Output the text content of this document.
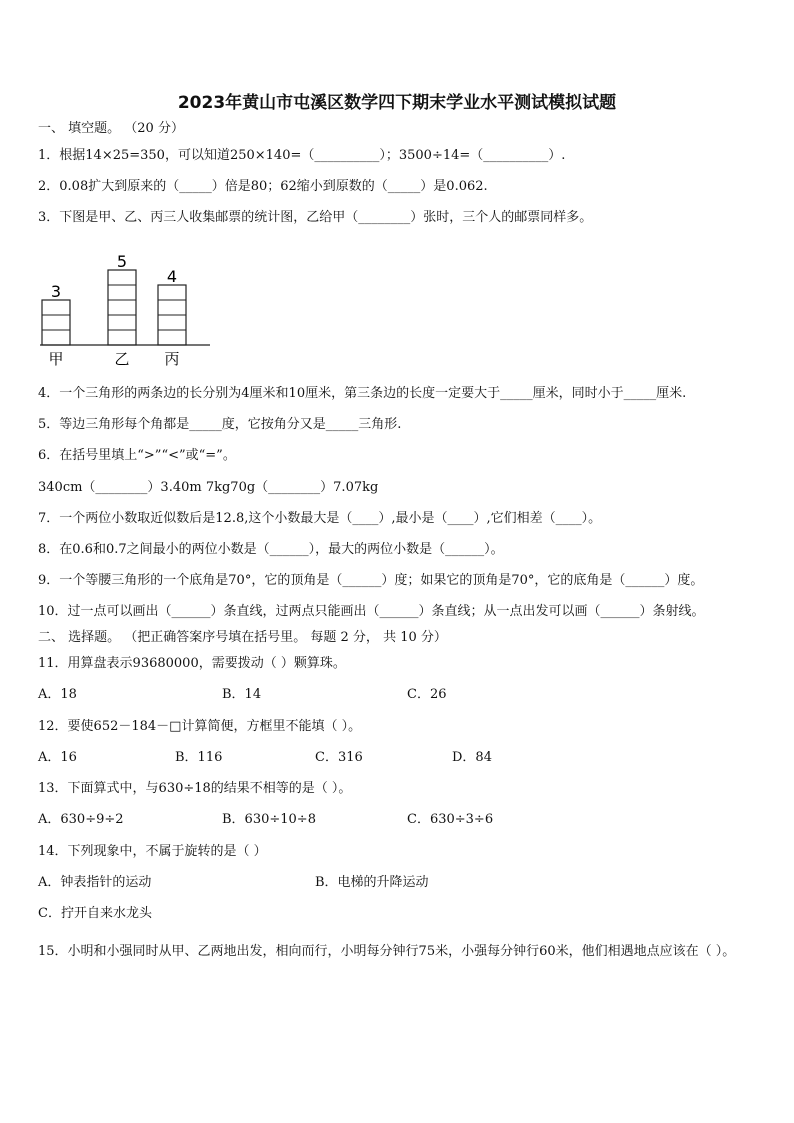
2023年黄山市屯溪区数学四下期末学业水平测试模拟试题
一、 填空题。 （20 分）
1．根据14×25=350，可以知道250×140=（__________）；3500÷14=（__________）.
2．0.08扩大到原来的（_____）倍是80；62缩小到原数的（_____）是0.062.
3．下图是甲、乙、丙三人收集邮票的统计图，乙给甲（________）张时，三个人的邮票同样多。
3
甲
5
乙
4
丙
4．一个三角形的两条边的长分别为4厘米和10厘米，第三条边的长度一定要大于_____厘米，同时小于_____厘米.
5．等边三角形每个角都是_____度，它按角分又是_____三角形.
6．在括号里填上“>”“<”或“=”。
340cm（________）3.40m 7kg70g（________）7.07kg
7．一个两位小数取近似数后是12.8,这个小数最大是（____）,最小是（____）,它们相差（____）。
8．在0.6和0.7之间最小的两位小数是（______），最大的两位小数是（______）。
9．一个等腰三角形的一个底角是70°，它的顶角是（______）度；如果它的顶角是70°，它的底角是（______）度。
10．过一点可以画出（______）条直线，过两点只能画出（______）条直线；从一点出发可以画（______）条射线。
二、 选择题。 （把正确答案序号填在括号里。 每题 2 分， 共 10 分）
11．用算盘表示93680000，需要拨动（ ）颗算珠。
A．18	B．14	C．26
12．要使652－184－□计算简便，方框里不能填（ ）。
A．16	B．116	C．316	D．84
13．下面算式中，与630÷18的结果不相等的是（ ）。
A．630÷9÷2	B．630÷10÷8	C．630÷3÷6
14．下列现象中，不属于旋转的是（ ）
A．钟表指针的运动	B．电梯的升降运动
C．拧开自来水龙头
15．小明和小强同时从甲、乙两地出发，相向而行，小明每分钟行75米，小强每分钟行60米，他们相遇地点应该在（ ）。
